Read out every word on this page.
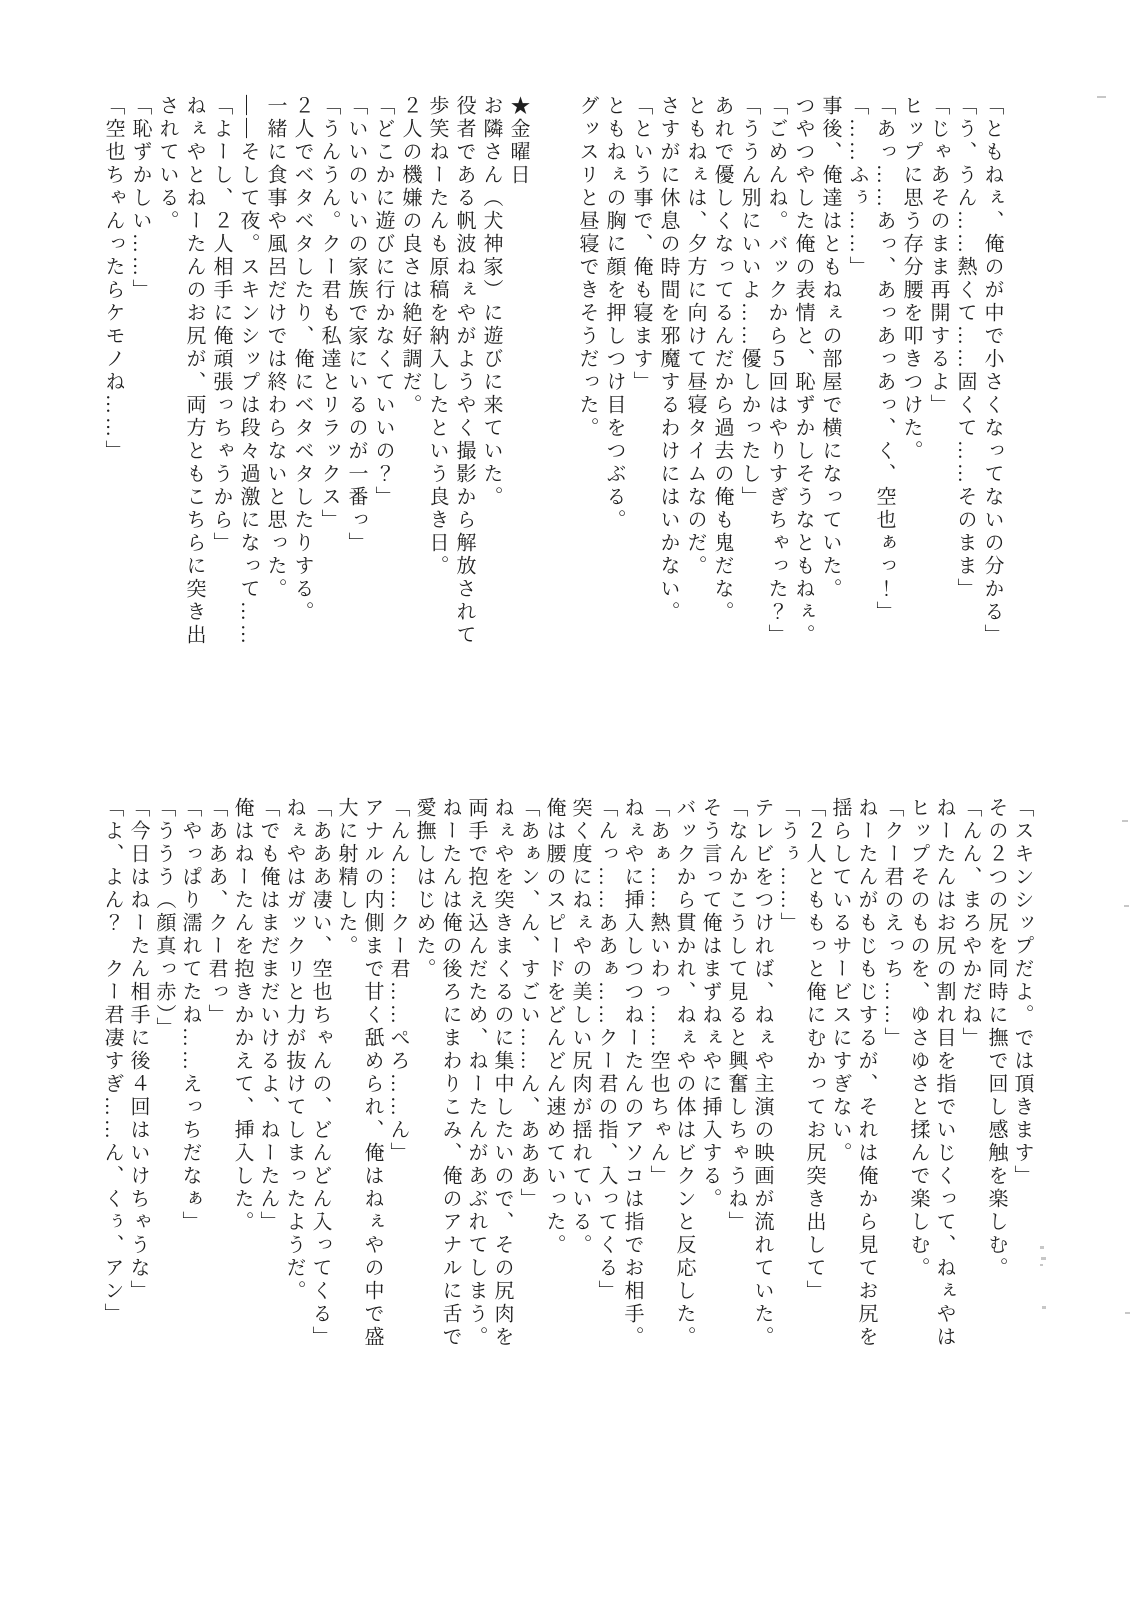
「ともねぇ、俺のが中で小さくなってないの分かる」

「う、うん……熱くて……固くて……そのまま」

「じゃあそのまま再開するよ」

ヒップに思う存分腰を叩きつけた。

「あっ……あっ、あっあっあっ、く、空也ぁっ！」

「……ふぅ……」

事後、俺達はともねぇの部屋で横になっていた。

つやつやした俺の表情と、恥ずかしそうなともねぇ。

「ごめんね。バックから５回はやりすぎちゃった？」

「ううん別にいいよ……優しかったし」

あれで優しくなってるんだから過去の俺も鬼だな。

ともねぇは、夕方に向けて昼寝タイムなのだ。

さすがに休息の時間を邪魔するわけにはいかない。

「という事で、俺も寝ます」

ともねぇの胸に顔を押しつけ目をつぶる。

グッスリと昼寝できそうだった。

★金曜日

お隣さん（犬神家）に遊びに来ていた。

役者である帆波ねぇやがようやく撮影から解放されて

歩笑ねーたんも原稿を納入したという良き日。

２人の機嫌の良さは絶好調だ。

「どこかに遊びに行かなくていいの？」

「いいのいいの家族で家にいるのが一番っ」

「うんうん。クー君も私達とリラックス」

２人でベタベタしたり、俺にベタベタしたりする。

一緒に食事や風呂だけでは終わらないと思った。

――そして夜。スキンシップは段々過激になって……

「よーし、２人相手に俺頑張っちゃうから」

ねぇやとねーたんのお尻が、両方ともこちらに突き出

されている。

「恥ずかしい……」

「空也ちゃんったらケモノね……」

「スキンシップだよ。では頂きます」

その２つの尻を同時に撫で回し感触を楽しむ。

「んん、まろやかだね」

ねーたんはお尻の割れ目を指でいじくって、ねぇやは

ヒップそのものを、ゆさゆさと揉んで楽しむ。

「クー君のえっち……」

ねーたんがもじもじするが、それは俺から見てお尻を

揺らしているサービスにすぎない。

「２人とももっと俺にむかってお尻突き出して」

「うぅ……」

テレビをつければ、ねぇや主演の映画が流れていた。

「なんかこうして見ると興奮しちゃうね」

そう言って俺はまずねぇやに挿入する。

バックから貫かれ、ねぇやの体はビクンと反応した。

「あぁ……熱いわっ……空也ちゃん」

ねぇやに挿入しつつねーたんのアソコは指でお相手。

「んっ……ああぁ……クー君の指、入ってくる」

突く度にねぇやの美しい尻肉が揺れている。

俺は腰のスピードをどんどん速めていった。

「あぁン、ん、すごい……ん、あああ」

ねぇやを突きまくるのに集中したいので、その尻肉を

両手で抱え込んだため、ねーたんがあぶれてしまう。

ねーたんは俺の後ろにまわりこみ、俺のアナルに舌で

愛撫しはじめた。

「んん……クー君……ぺろ……ん」

アナルの内側まで甘く舐められ、俺はねぇやの中で盛

大に射精した。

「あああ凄い、空也ちゃんの、どんどん入ってくる」

ねぇやはガックリと力が抜けてしまったようだ。

「でも俺はまだまだいけるよ、ねーたん」

俺はねーたんを抱きかかえて、挿入した。

「あああ、クー君っ」

「やっぱり濡れてたね……えっちだなぁ」

「ううう（顔真っ赤）」

「今日はねーたん相手に後４回はいけちゃうな」

「よ、よん？　クー君凄すぎ……ん、くぅ、アン」
